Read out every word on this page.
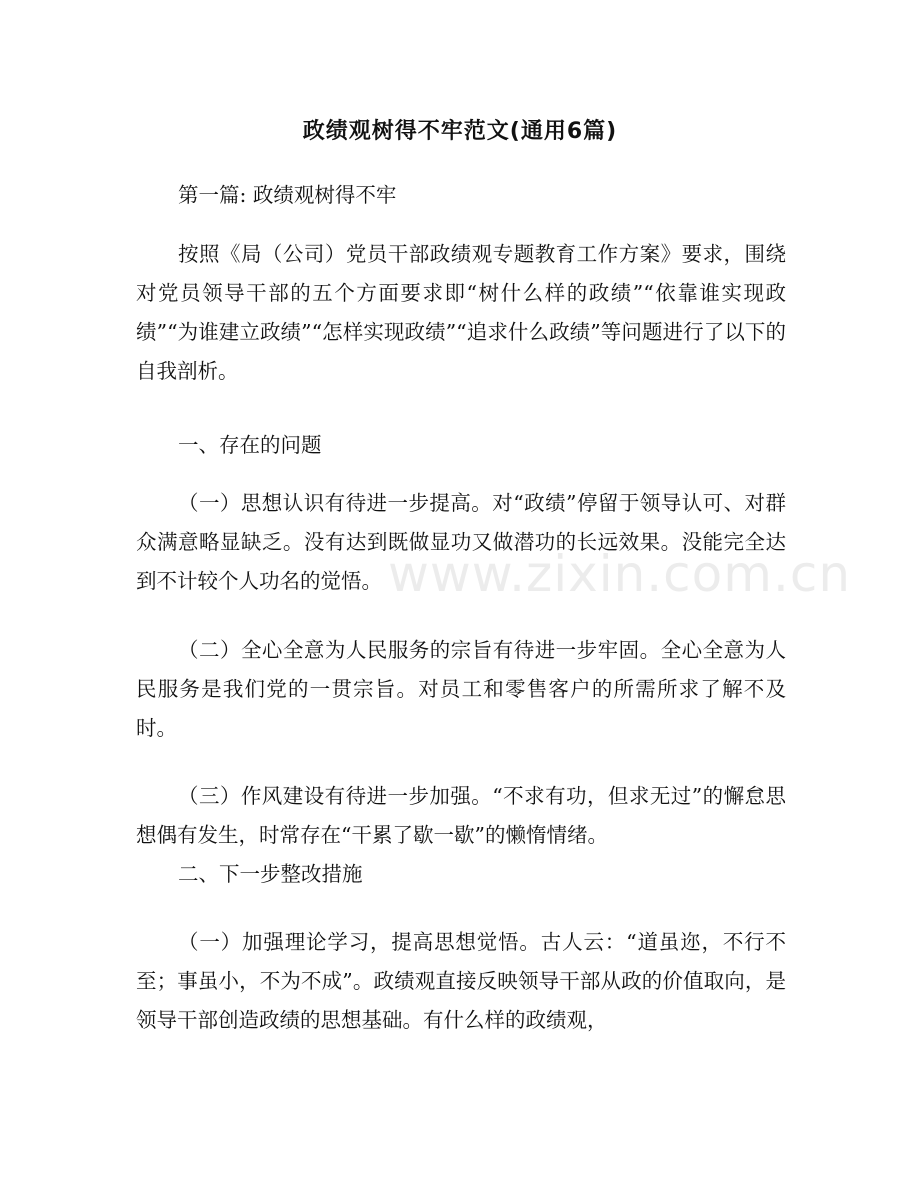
www.zixin.com.cn
政绩观树得不牢范文(通用6篇)
第一篇: 政绩观树得不牢
按照《局（公司）党员干部政绩观专题教育工作方案》要求，围绕对党员领导干部的五个方面要求即“树什么样的政绩”“依靠谁实现政绩”“为谁建立政绩”“怎样实现政绩”“追求什么政绩”等问题进行了以下的自我剖析。
一、存在的问题
（一）思想认识有待进一步提高。对“政绩”停留于领导认可、对群众满意略显缺乏。没有达到既做显功又做潜功的长远效果。没能完全达到不计较个人功名的觉悟。
（二）全心全意为人民服务的宗旨有待进一步牢固。全心全意为人民服务是我们党的一贯宗旨。对员工和零售客户的所需所求了解不及时。
（三）作风建设有待进一步加强。“不求有功，但求无过”的懈怠思想偶有发生，时常存在“干累了歇一歇”的懒惰情绪。
二、下一步整改措施
（一）加强理论学习，提高思想觉悟。古人云：“道虽迩，不行不至；事虽小，不为不成”。政绩观直接反映领导干部从政的价值取向，是领导干部创造政绩的思想基础。有什么样的政绩观，
